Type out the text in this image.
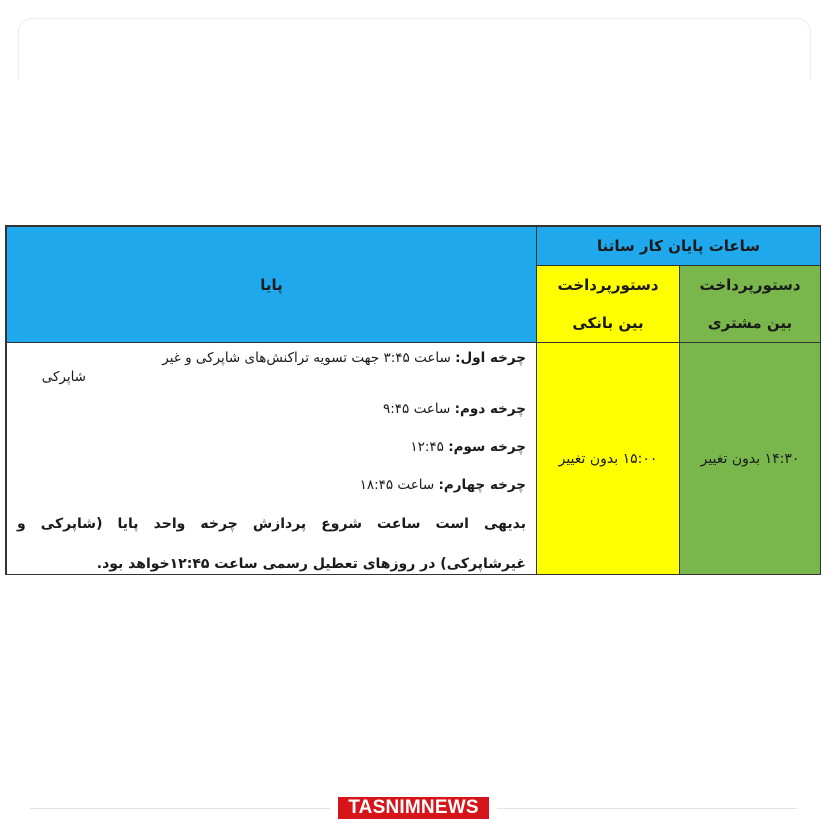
ساعات پایان کار ساتنا
پایا	دستورپرداخت
بین مشتری
دستورپرداخت
بین بانکی
۱۴:۳۰ بدون تغییر
۱۵:۰۰ بدون تغییر
چرخه اول: ساعت ۳:۴۵ جهت تسویه تراکنش‌های شاپرکی و غیر
شاپرکی
چرخه دوم: ساعت ۹:۴۵
چرخه سوم: ۱۲:۴۵
چرخه چهارم: ساعت ۱۸:۴۵
بدیهی است ساعت شروع پردازش چرخه واحد پایا (شاپرکی و
غیرشاپرکی) در روزهای تعطیل رسمی ساعت ۱۲:۴۵خواهد بود.
TASNIMNEWS
